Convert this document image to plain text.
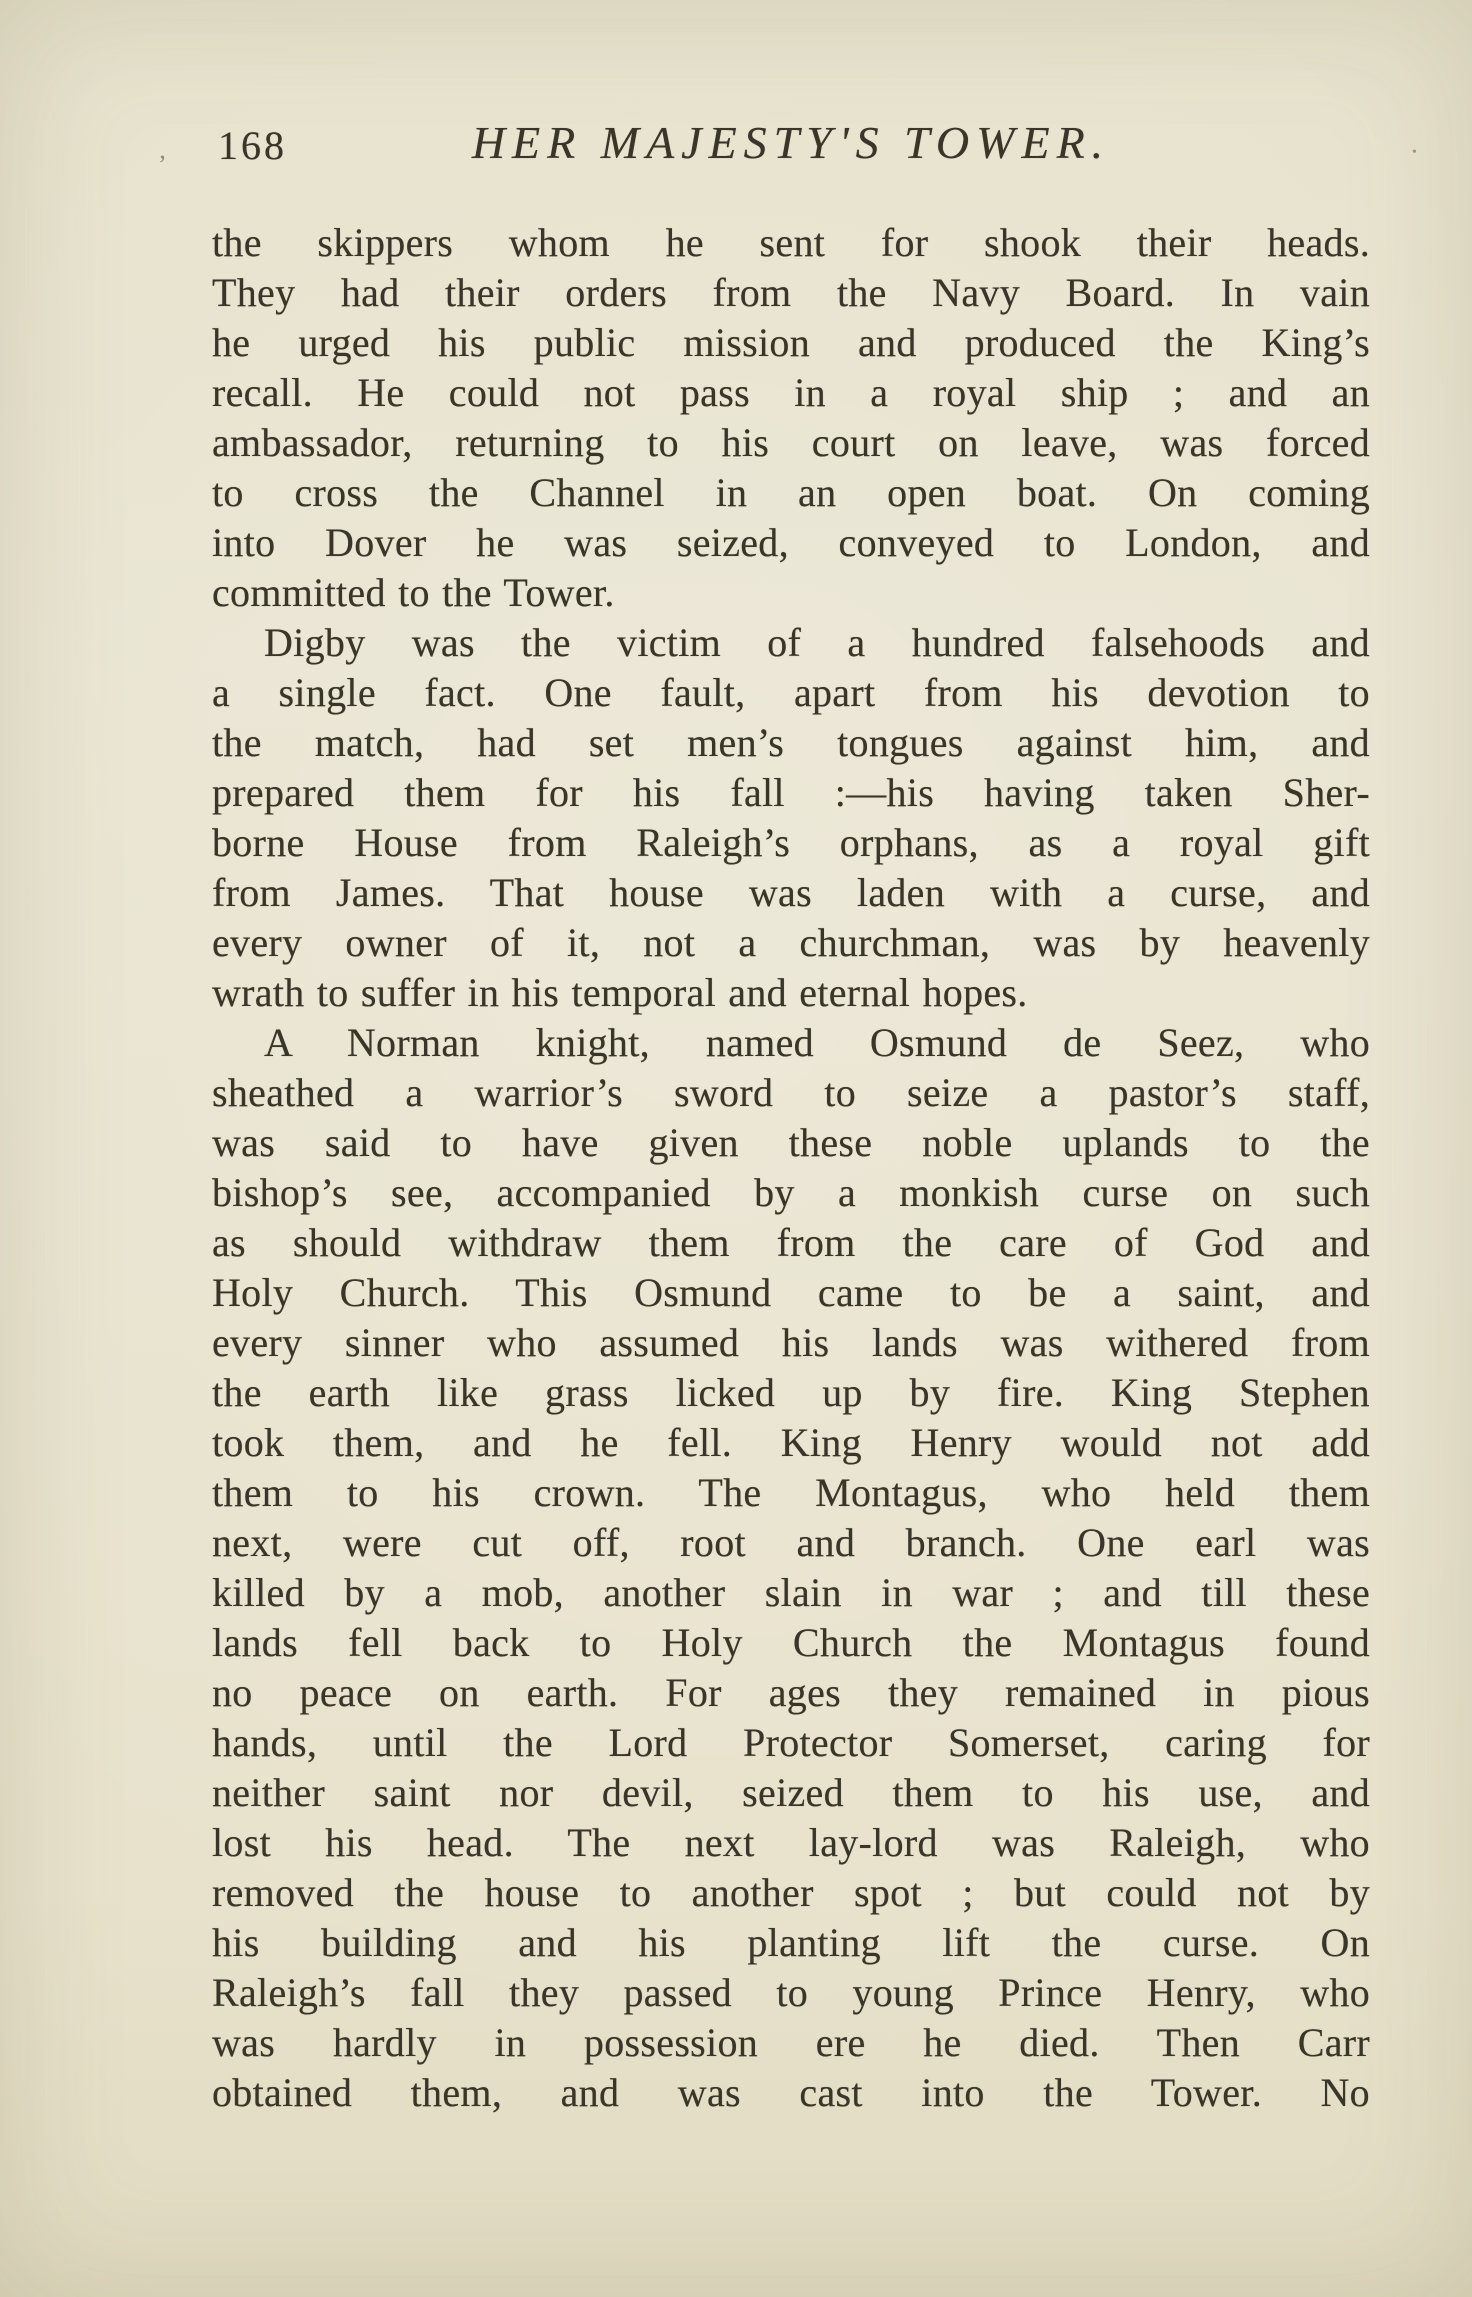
168	HER MAJESTY'S TOWER.
the skippers whom he sent for shook their heads.
They had their orders from the Navy Board. In vain
he urged his public mission and produced the King’s
recall. He could not pass in a royal ship ; and an
ambassador, returning to his court on leave, was forced
to cross the Channel in an open boat. On coming
into Dover he was seized, conveyed to London, and
committed to the Tower.
Digby was the victim of a hundred falsehoods and
a single fact. One fault, apart from his devotion to
the match, had set men’s tongues against him, and
prepared them for his fall :—his having taken Sher-
borne House from Raleigh’s orphans, as a royal gift
from James. That house was laden with a curse, and
every owner of it, not a churchman, was by heavenly
wrath to suffer in his temporal and eternal hopes.
A Norman knight, named Osmund de Seez, who
sheathed a warrior’s sword to seize a pastor’s staff,
was said to have given these noble uplands to the
bishop’s see, accompanied by a monkish curse on such
as should withdraw them from the care of God and
Holy Church. This Osmund came to be a saint, and
every sinner who assumed his lands was withered from
the earth like grass licked up by fire. King Stephen
took them, and he fell. King Henry would not add
them to his crown. The Montagus, who held them
next, were cut off, root and branch. One earl was
killed by a mob, another slain in war ; and till these
lands fell back to Holy Church the Montagus found
no peace on earth. For ages they remained in pious
hands, until the Lord Protector Somerset, caring for
neither saint nor devil, seized them to his use, and
lost his head. The next lay-lord was Raleigh, who
removed the house to another spot ; but could not by
his building and his planting lift the curse. On
Raleigh’s fall they passed to young Prince Henry, who
was hardly in possession ere he died. Then Carr
obtained them, and was cast into the Tower. No
’	•
